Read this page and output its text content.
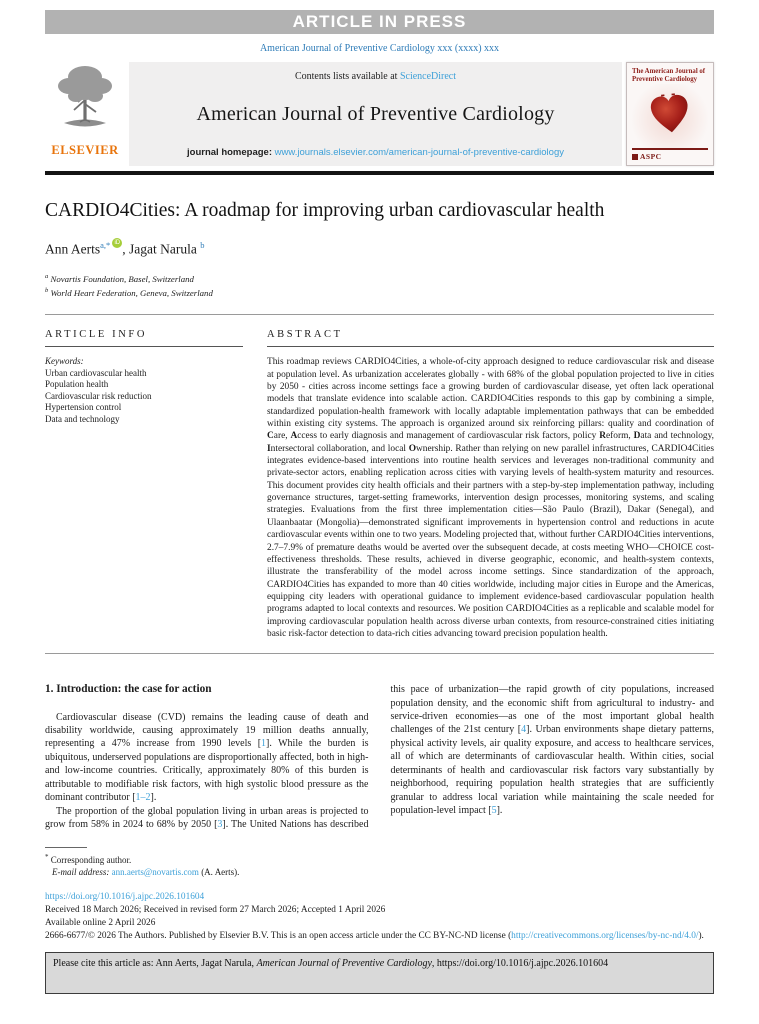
ARTICLE IN PRESS
American Journal of Preventive Cardiology xxx (xxxx) xxx
ELSEVIER
Contents lists available at ScienceDirect
American Journal of Preventive Cardiology
journal homepage: www.journals.elsevier.com/american-journal-of-preventive-cardiology
The American Journal of Preventive Cardiology
ASPC
CARDIO4Cities: A roadmap for improving urban cardiovascular health
Ann Aerts$^{a,*}$ iD , Jagat Narula $^b$
$^a$ Novartis Foundation, Basel, Switzerland
$^b$ World Heart Federation, Geneva, Switzerland
ARTICLE INFO
Keywords:
Urban cardiovascular health
Population health
Cardiovascular risk reduction
Hypertension control
Data and technology
ABSTRACT
This roadmap reviews CARDIO4Cities, a whole-of-city approach designed to reduce cardiovascular risk and disease at population level. As urbanization accelerates globally - with 68% of the global population projected to live in cities by 2050 - cities across income settings face a growing burden of cardiovascular disease, yet often lack operational models that translate evidence into scalable action. CARDIO4Cities responds to this gap by combining a simple, standardized population-health framework with locally adaptable implementation pathways that can be embedded within existing city systems. The approach is organized around six reinforcing pillars: quality and coordination of Care, Access to early diagnosis and management of cardiovascular risk factors, policy Reform, Data and technology, Intersectoral collaboration, and local Ownership. Rather than relying on new parallel infrastructures, CARDIO4Cities integrates evidence-based interventions into routine health services and leverages non-traditional community and private-sector actors, enabling replication across cities with varying levels of health-system maturity and resources. This document provides city health officials and their partners with a step-by-step implementation pathway, including governance structures, target-setting frameworks, intervention design processes, monitoring systems, and scaling strategies. Evaluations from the first three implementation cities—São Paulo (Brazil), Dakar (Senegal), and Ulaanbaatar (Mongolia)—demonstrated significant improvements in hypertension control and reductions in acute cardiovascular events within one to two years. Modeling projected that, without further CARDIO4Cities interventions, 2.7–7.9% of premature deaths would be averted over the subsequent decade, at costs meeting WHO—CHOICE cost-effectiveness thresholds. These results, achieved in diverse geographic, economic, and health-system contexts, illustrate the transferability of the model across income settings. Since standardization of the approach, CARDIO4Cities has expanded to more than 40 cities worldwide, including major cities in Europe and the Americas, equipping city leaders with operational guidance to implement evidence-based cardiovascular population health programs adapted to local contexts and resources. We position CARDIO4Cities as a replicable and scalable model for improving cardiovascular population health across diverse urban contexts, from resource-constrained cities initiating basic risk-factor detection to data-rich cities advancing toward precision population health.
1. Introduction: the case for action

Cardiovascular disease (CVD) remains the leading cause of death and disability worldwide, causing approximately 19 million deaths annually, representing a 47% increase from 1990 levels [1]. While the burden is ubiquitous, underserved populations are disproportionally affected, both in high- and low-income countries. Critically, approximately 80% of this burden is attributable to modifiable risk factors, with high systolic blood pressure as the dominant contributor [1–2].

The proportion of the global population living in urban areas is projected to grow from 58% in 2024 to 68% by 2050 [3]. The United Nations has described this pace of urbanization—the rapid growth of city populations, increased population density, and the economic shift from agricultural to industry- and service-driven economies—as one of the most important global health challenges of the 21st century [4]. Urban environments shape dietary patterns, physical activity levels, air quality exposure, and access to healthcare services, all of which are determinants of cardiovascular health. Within cities, social determinants of health and cardiovascular risk factors vary substantially by neighborhood, requiring population health strategies that are sufficiently granular to address local variation while maintaining the scale needed for population-level impact [5].

* Corresponding author.
E-mail address: ann.aerts@novartis.com (A. Aerts).
https://doi.org/10.1016/j.ajpc.2026.101604
Received 18 March 2026; Received in revised form 27 March 2026; Accepted 1 April 2026
Available online 2 April 2026
2666-6677/© 2026 The Authors. Published by Elsevier B.V. This is an open access article under the CC BY-NC-ND license (http://creativecommons.org/licenses/by-nc-nd/4.0/).
Please cite this article as: Ann Aerts, Jagat Narula, American Journal of Preventive Cardiology, https://doi.org/10.1016/j.ajpc.2026.101604
